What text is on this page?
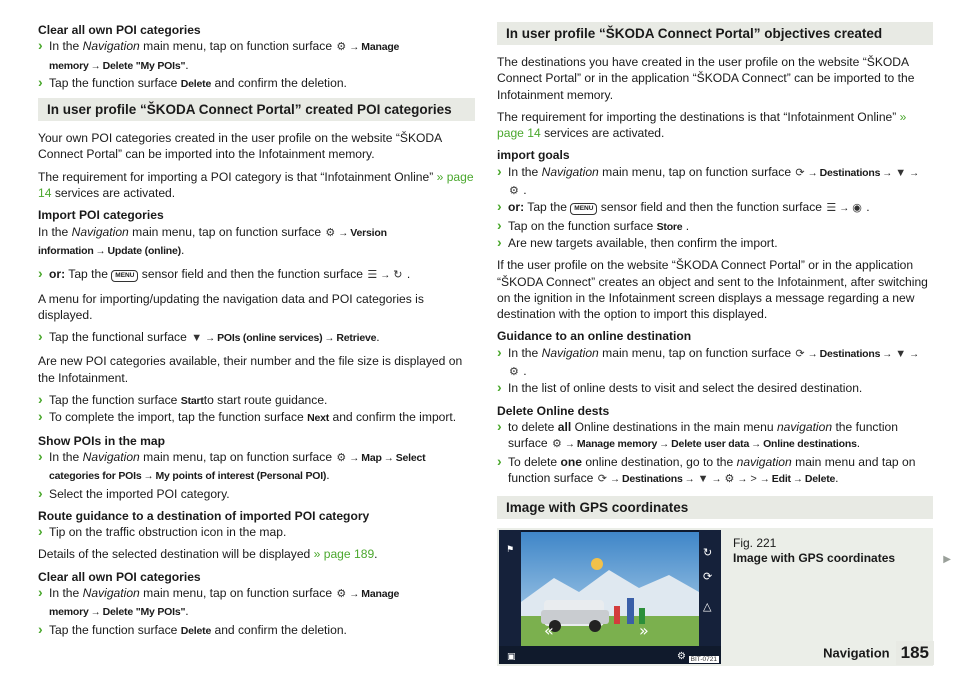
Clear all own POI categories
› In the Navigation main menu, tap on function surface ⚙ → Manage memory → Delete "My POIs".
› Tap the function surface Delete and confirm the deletion.
In user profile “ŠKODA Connect Portal” created POI categories

Your own POI categories created in the user profile on the website “ŠKODA Connect Portal” can be imported into the Infotainment memory.

The requirement for importing a POI category is that “Infotainment Online” » page 14 services are activated.

Import POI categories
In the Navigation main menu, tap on function surface ⚙ → Version information → Update (online).
› or: Tap the MENU sensor field and then the function surface ☰ → ↻ .

A menu for importing/updating the navigation data and POI categories is displayed.

› Tap the functional surface ▼ → POIs (online services) → Retrieve.

Are new POI categories available, their number and the file size is displayed on the Infotainment.

› Tap the function surface Startto start route guidance.
› To complete the import, tap the function surface Next and confirm the import.
Show POIs in the map
› In the Navigation main menu, tap on function surface ⚙ → Map → Select categories for POIs → My points of interest (Personal POI).
› Select the imported POI category.
Route guidance to a destination of imported POI category
› Tip on the traffic obstruction icon in the map.

Details of the selected destination will be displayed » page 189.

Clear all own POI categories
› In the Navigation main menu, tap on function surface ⚙ → Manage memory → Delete "My POIs".
› Tap the function surface Delete and confirm the deletion.
In user profile “ŠKODA Connect Portal” objectives created

The destinations you have created in the user profile on the website “ŠKODA Connect Portal” or in the application “ŠKODA Connect” can be imported to the Infotainment memory.

The requirement for importing the destinations is that “Infotainment Online” » page 14 services are activated.

import goals
› In the Navigation main menu, tap on function surface ⟳ → Destinations → ▼ →
⚙ .
› or: Tap the MENU sensor field and then the function surface ☰ → ◉ .
› Tap on the function surface Store .
› Are new targets available, then confirm the import.

If the user profile on the website “ŠKODA Connect Portal” or in the application “ŠKODA Connect” creates an object and sent to the Infotainment, after switching on the ignition in the Infotainment screen displays a message regarding a new destination with the option to import this displayed.

Guidance to an online destination
› In the Navigation main menu, tap on function surface ⟳ → Destinations → ▼ →
⚙ .
› In the list of online dests to visit and select the desired destination.
Delete Online dests
› to delete all Online destinations in the main menu navigation the function surface ⚙ → Manage memory → Delete user data → Online destinations.
› To delete one online destination, go to the navigation main menu and tap on function surface ⟳ → Destinations → ▼ → ⚙ → > → Edit → Delete.
Image with GPS coordinates
⚑	↻
⟳
△
«	»
⚙
▣	BIT-0721
Fig. 221
Image with GPS coordinates	▶
Navigation 185
